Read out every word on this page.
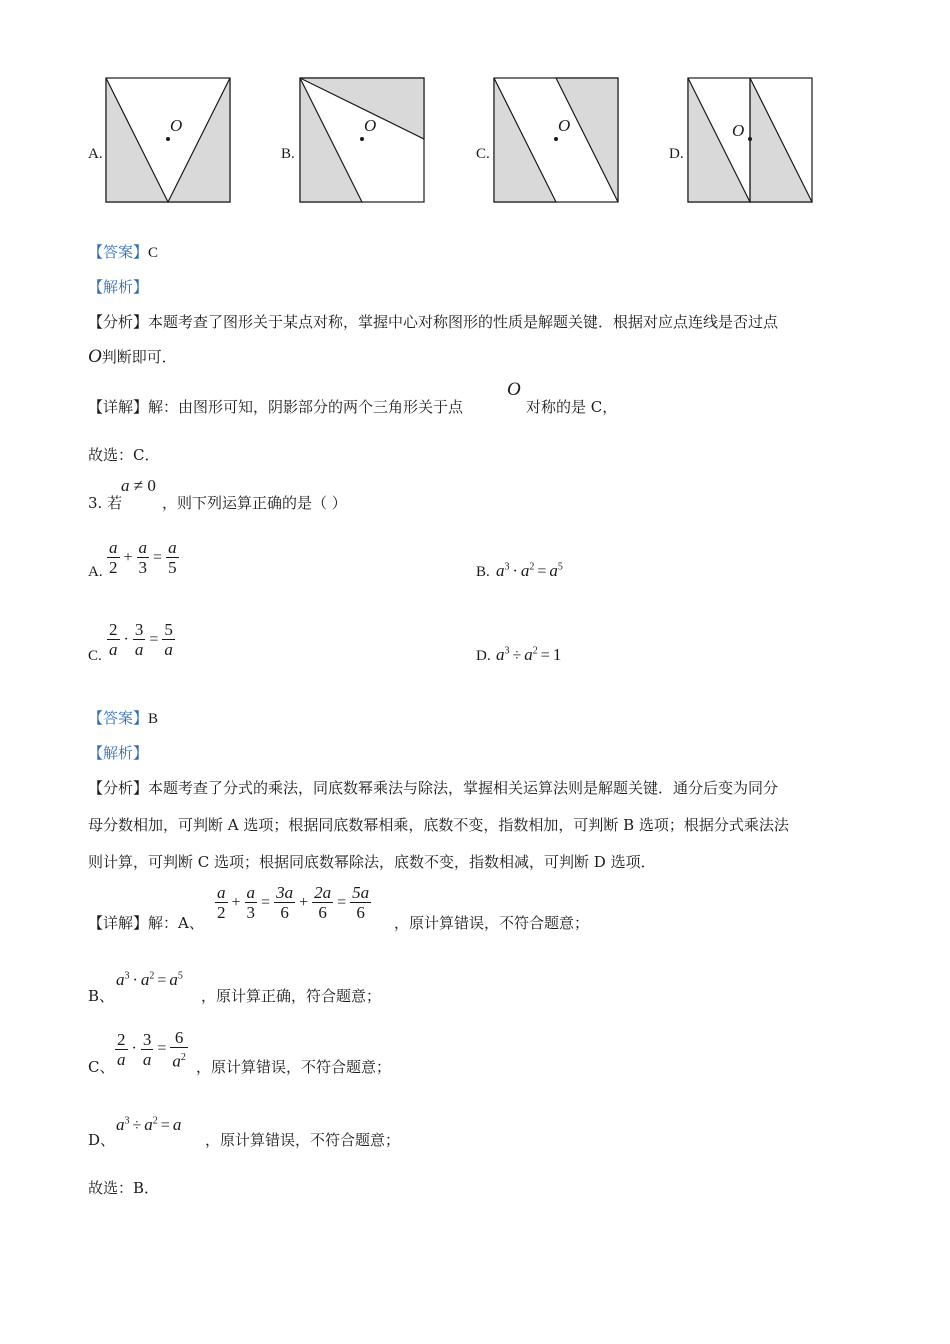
A.
O
B.
O
C.
O
D.
O
【答案】C
【解析】
【分析】本题考查了图形关于某点对称，掌握中心对称图形的性质是解题关键．根据对应点连线是否过点
O判断即可．
【详解】解：由图形可知，阴影部分的两个三角形关于点
O
对称的是 C，
故选：C．
3. 若
a ≠ 0
，则下列运算正确的是（ ）
A. $\frac{a}{2} + \frac{a}{3} = \frac{a}{5}$	B. $a^3 \cdot a^2 = a^5$
C. $\frac{2}{a} \cdot \frac{3}{a} = \frac{5}{a}$	D. $a^3 \div a^2 = 1$
【答案】B
【解析】
【分析】本题考查了分式的乘法，同底数幂乘法与除法，掌握相关运算法则是解题关键．通分后变为同分
母分数相加，可判断 A 选项；根据同底数幂相乘，底数不变，指数相加，可判断 B 选项；根据分式乘法法
则计算，可判断 C 选项；根据同底数幂除法，底数不变，指数相减，可判断 D 选项．
【详解】解：A、
$\frac{a}{2} + \frac{a}{3} = \frac{3a}{6} + \frac{2a}{6} = \frac{5a}{6}$
，原计算错误，不符合题意；
B、
$a^3 \cdot a^2 = a^5$
，原计算正确，符合题意；
C、 $\frac{2}{a} \cdot \frac{3}{a} = \frac{6}{a^2}$ ，原计算错误，不符合题意；
D、
$a^3 \div a^2 = a$
，原计算错误，不符合题意；
故选：B．
